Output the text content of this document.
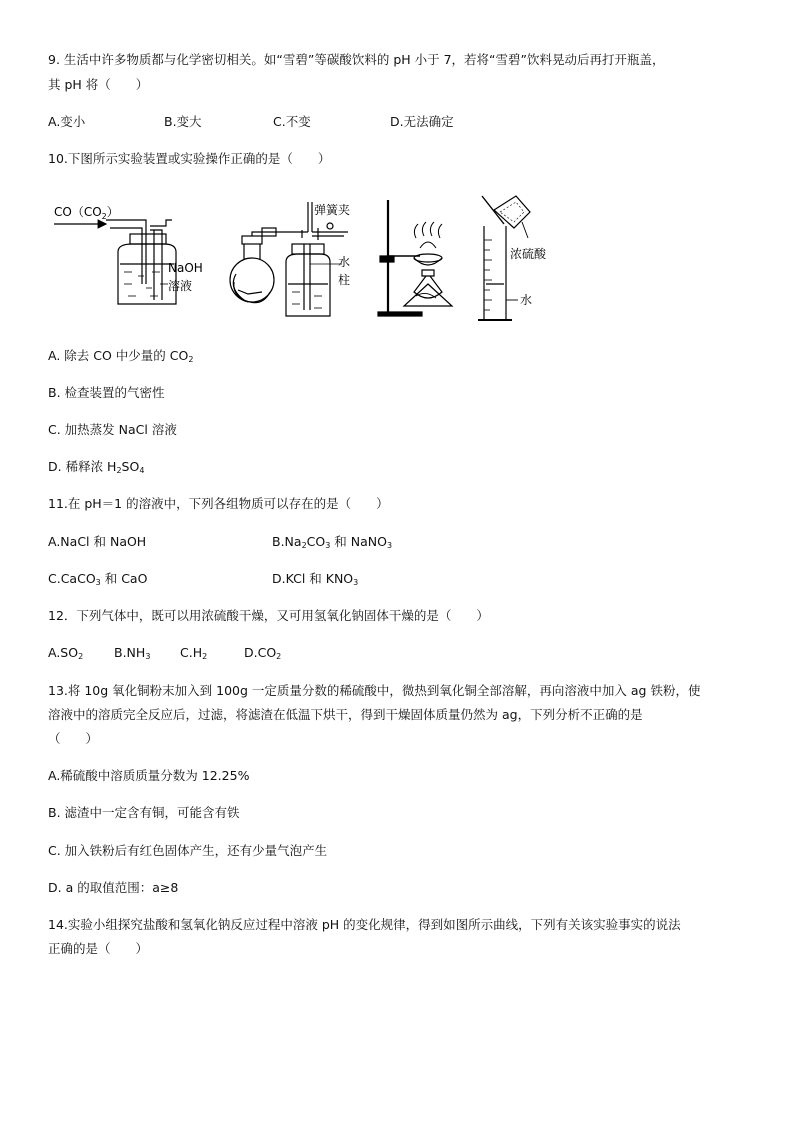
9. 生活中许多物质都与化学密切相关。如“雪碧”等碳酸饮料的 pH 小于 7，若将“雪碧”饮料晃动后再打开瓶盖，
其 pH 将（　　）
A.变小	B.变大	C.不变	D.无法确定
10.下图所示实验装置或实验操作正确的是（　　）
$CO(CO_2)$
NaOH
溶液
弹簧夹
水
柱
浓硫酸
水
A. 除去 CO 中少量的 $CO_2$
B. 检查装置的气密性
C. 加热蒸发 NaCl 溶液
D. 稀释浓 $H_2SO_4$
11.在 pH＝1 的溶液中，下列各组物质可以存在的是（　　）
A.NaCl 和 NaOH	$B.Na_2CO_3$ 和 NaNO$_3$
C.CaCO$_3$ 和 CaO	D.KCl 和 $KNO_3$
12．下列气体中，既可以用浓硫酸干燥，又可用氢氧化钠固体干燥的是（　　）
$A.SO_2$ $B.NH_3$ $C.H_2$	$D.CO_2$
13.将 10g 氧化铜粉末加入到 100g 一定质量分数的稀硫酸中，微热到氧化铜全部溶解，再向溶液中加入 ag 铁粉，使
溶液中的溶质完全反应后，过滤，将滤渣在低温下烘干，得到干燥固体质量仍然为 ag，下列分析不正确的是
（　　）
A.稀硫酸中溶质质量分数为 12.25%
B. 滤渣中一定含有铜，可能含有铁
C. 加入铁粉后有红色固体产生，还有少量气泡产生
D. a 的取值范围：a≥8
14.实验小组探究盐酸和氢氧化钠反应过程中溶液 pH 的变化规律，得到如图所示曲线，下列有关该实验事实的说法
正确的是（　　）
